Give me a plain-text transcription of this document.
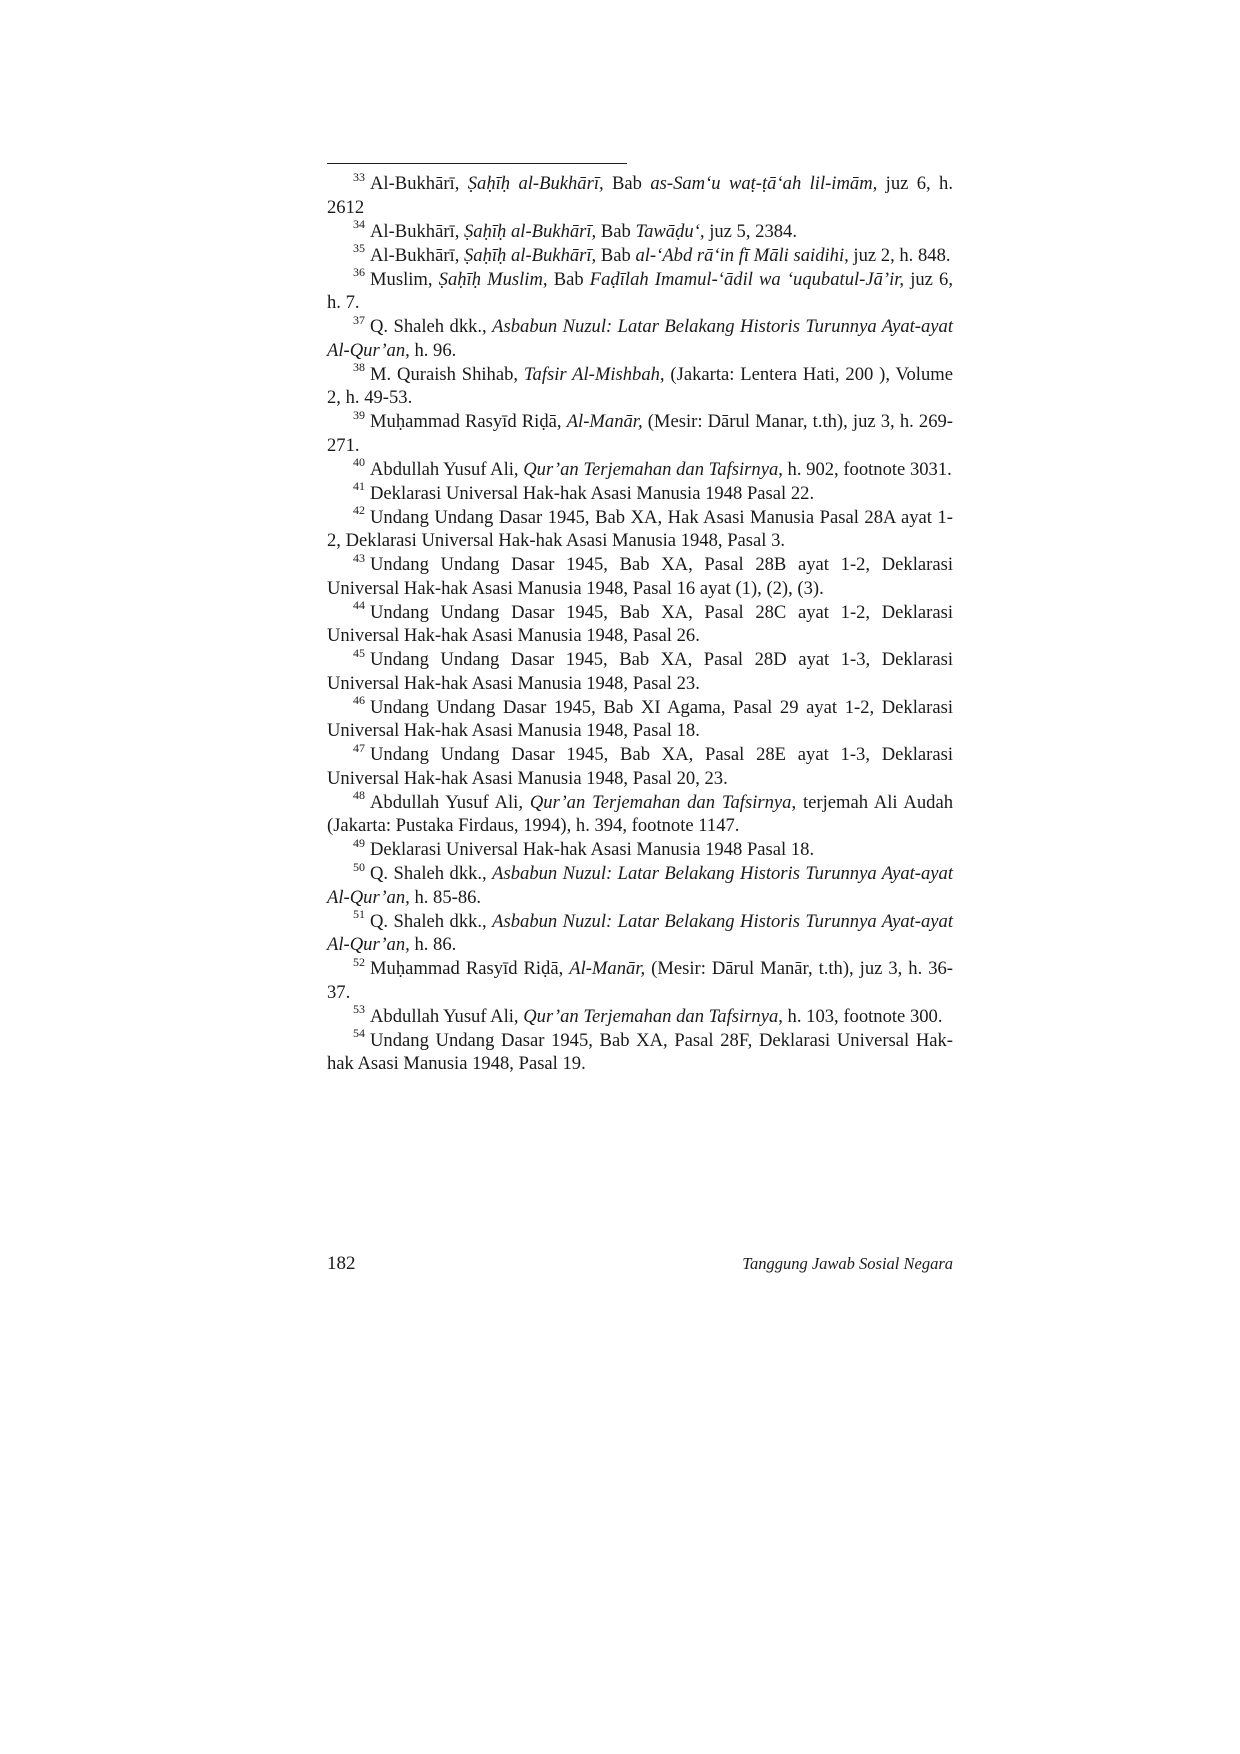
$^{33}$ Al-Bukhārī, Ṣaḥīḥ al-Bukhārī, Bab as-Sam‘u waṭ-ṭā‘ah lil-imām, juz 6, h. 2612

$^{34}$ Al-Bukhārī, Ṣaḥīḥ al-Bukhārī, Bab Tawāḍu‘, juz 5, 2384.

$^{35}$ Al-Bukhārī, Ṣaḥīḥ al-Bukhārī, Bab al-‘Abd rā‘in fī Māli saidihi, juz 2, h. 848.

$^{36}$ Muslim, Ṣaḥīḥ Muslim, Bab Faḍīlah Imamul-‘ādil wa ‘uqubatul-Jā’ir, juz 6, h. 7.

$^{37}$ Q. Shaleh dkk., Asbabun Nuzul: Latar Belakang Historis Turunnya Ayat-ayat Al-Qur’an, h. 96.

$^{38}$ M. Quraish Shihab, Tafsir Al-Mishbah, (Jakarta: Lentera Hati, 200 ), Volume 2, h. 49-53.

$^{39}$ Muḥammad Rasyīd Riḍā, Al-Manār, (Mesir: Dārul Manar, t.th), juz 3, h. 269-271.

$^{40}$ Abdullah Yusuf Ali, Qur’an Terjemahan dan Tafsirnya, h. 902, footnote 3031.

$^{41}$ Deklarasi Universal Hak-hak Asasi Manusia 1948 Pasal 22.

$^{42}$ Undang Undang Dasar 1945, Bab XA, Hak Asasi Manusia Pasal 28A ayat 1-2, Deklarasi Universal Hak-hak Asasi Manusia 1948, Pasal 3.

$^{43}$ Undang Undang Dasar 1945, Bab XA, Pasal 28B ayat 1-2, Deklarasi Universal Hak-hak Asasi Manusia 1948, Pasal 16 ayat (1), (2), (3).

$^{44}$ Undang Undang Dasar 1945, Bab XA, Pasal 28C ayat 1-2, Deklarasi Universal Hak-hak Asasi Manusia 1948, Pasal 26.

$^{45}$ Undang Undang Dasar 1945, Bab XA, Pasal 28D ayat 1-3, Deklarasi Universal Hak-hak Asasi Manusia 1948, Pasal 23.

$^{46}$ Undang Undang Dasar 1945, Bab XI Agama, Pasal 29 ayat 1-2, Deklarasi Universal Hak-hak Asasi Manusia 1948, Pasal 18.

$^{47}$ Undang Undang Dasar 1945, Bab XA, Pasal 28E ayat 1-3, Deklarasi Universal Hak-hak Asasi Manusia 1948, Pasal 20, 23.

$^{48}$ Abdullah Yusuf Ali, Qur’an Terjemahan dan Tafsirnya, terjemah Ali Audah (Jakarta: Pustaka Firdaus, 1994), h. 394, footnote 1147.

$^{49}$ Deklarasi Universal Hak-hak Asasi Manusia 1948 Pasal 18.

$^{50}$ Q. Shaleh dkk., Asbabun Nuzul: Latar Belakang Historis Turunnya Ayat-ayat Al-Qur’an, h. 85-86.

$^{51}$ Q. Shaleh dkk., Asbabun Nuzul: Latar Belakang Historis Turunnya Ayat-ayat Al-Qur’an, h. 86.

$^{52}$ Muḥammad Rasyīd Riḍā, Al-Manār, (Mesir: Dārul Manār, t.th), juz 3, h. 36-37.

$^{53}$ Abdullah Yusuf Ali, Qur’an Terjemahan dan Tafsirnya, h. 103, footnote 300.

$^{54}$ Undang Undang Dasar 1945, Bab XA, Pasal 28F, Deklarasi Universal Hak-hak Asasi Manusia 1948, Pasal 19.

182	Tanggung Jawab Sosial Negara
